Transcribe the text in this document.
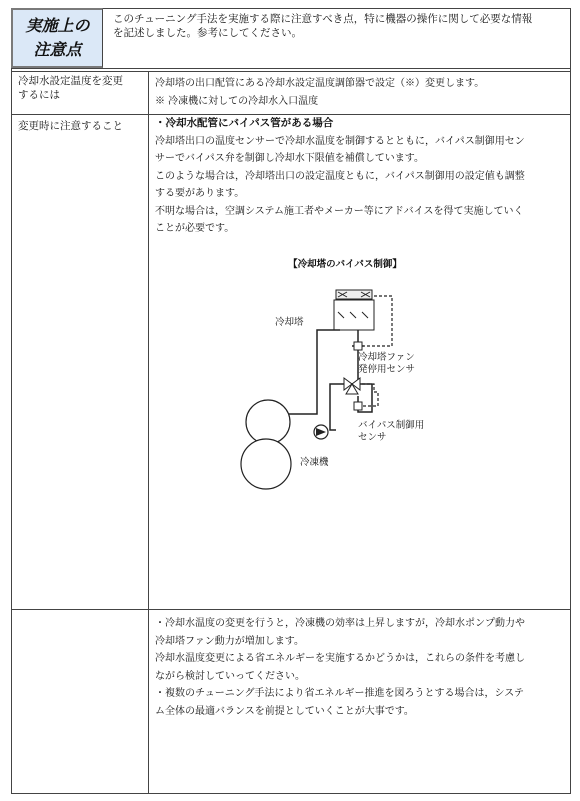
実施上の
注意点
このチューニング手法を実施する際に注意すべき点，特に機器の操作に関して必要な情報
を記述しました。参考にしてください。
冷却水設定温度を変更
するには

冷却塔の出口配管にある冷却水設定温度調節器で設定（※）変更します。

※ 冷凍機に対しての冷却水入口温度

変更時に注意すること	・冷却水配管にバイパス管がある場合

冷却塔出口の温度センサーで冷却水温度を制御するとともに，バイパス制御用セン

サーでバイパス弁を制御し冷却水下限値を補償しています。

このような場合は，冷却塔出口の設定温度ともに，バイパス制御用の設定値も調整

する要があります。

不明な場合は，空調システム施工者やメーカー等にアドバイスを得て実施していく

ことが必要です。

【冷却塔のバイパス制御】
冷却塔
冷却塔ファン
発停用センサ
バイパス制御用
センサ
冷凍機

・冷却水温度の変更を行うと，冷凍機の効率は上昇しますが，冷却水ポンプ動力や

冷却塔ファン動力が増加します。

冷却水温度変更による省エネルギーを実施するかどうかは，これらの条件を考慮し

ながら検討していってください。

・複数のチューニング手法により省エネルギー推進を図ろうとする場合は，システ

ム全体の最適バランスを前提としていくことが大事です。
